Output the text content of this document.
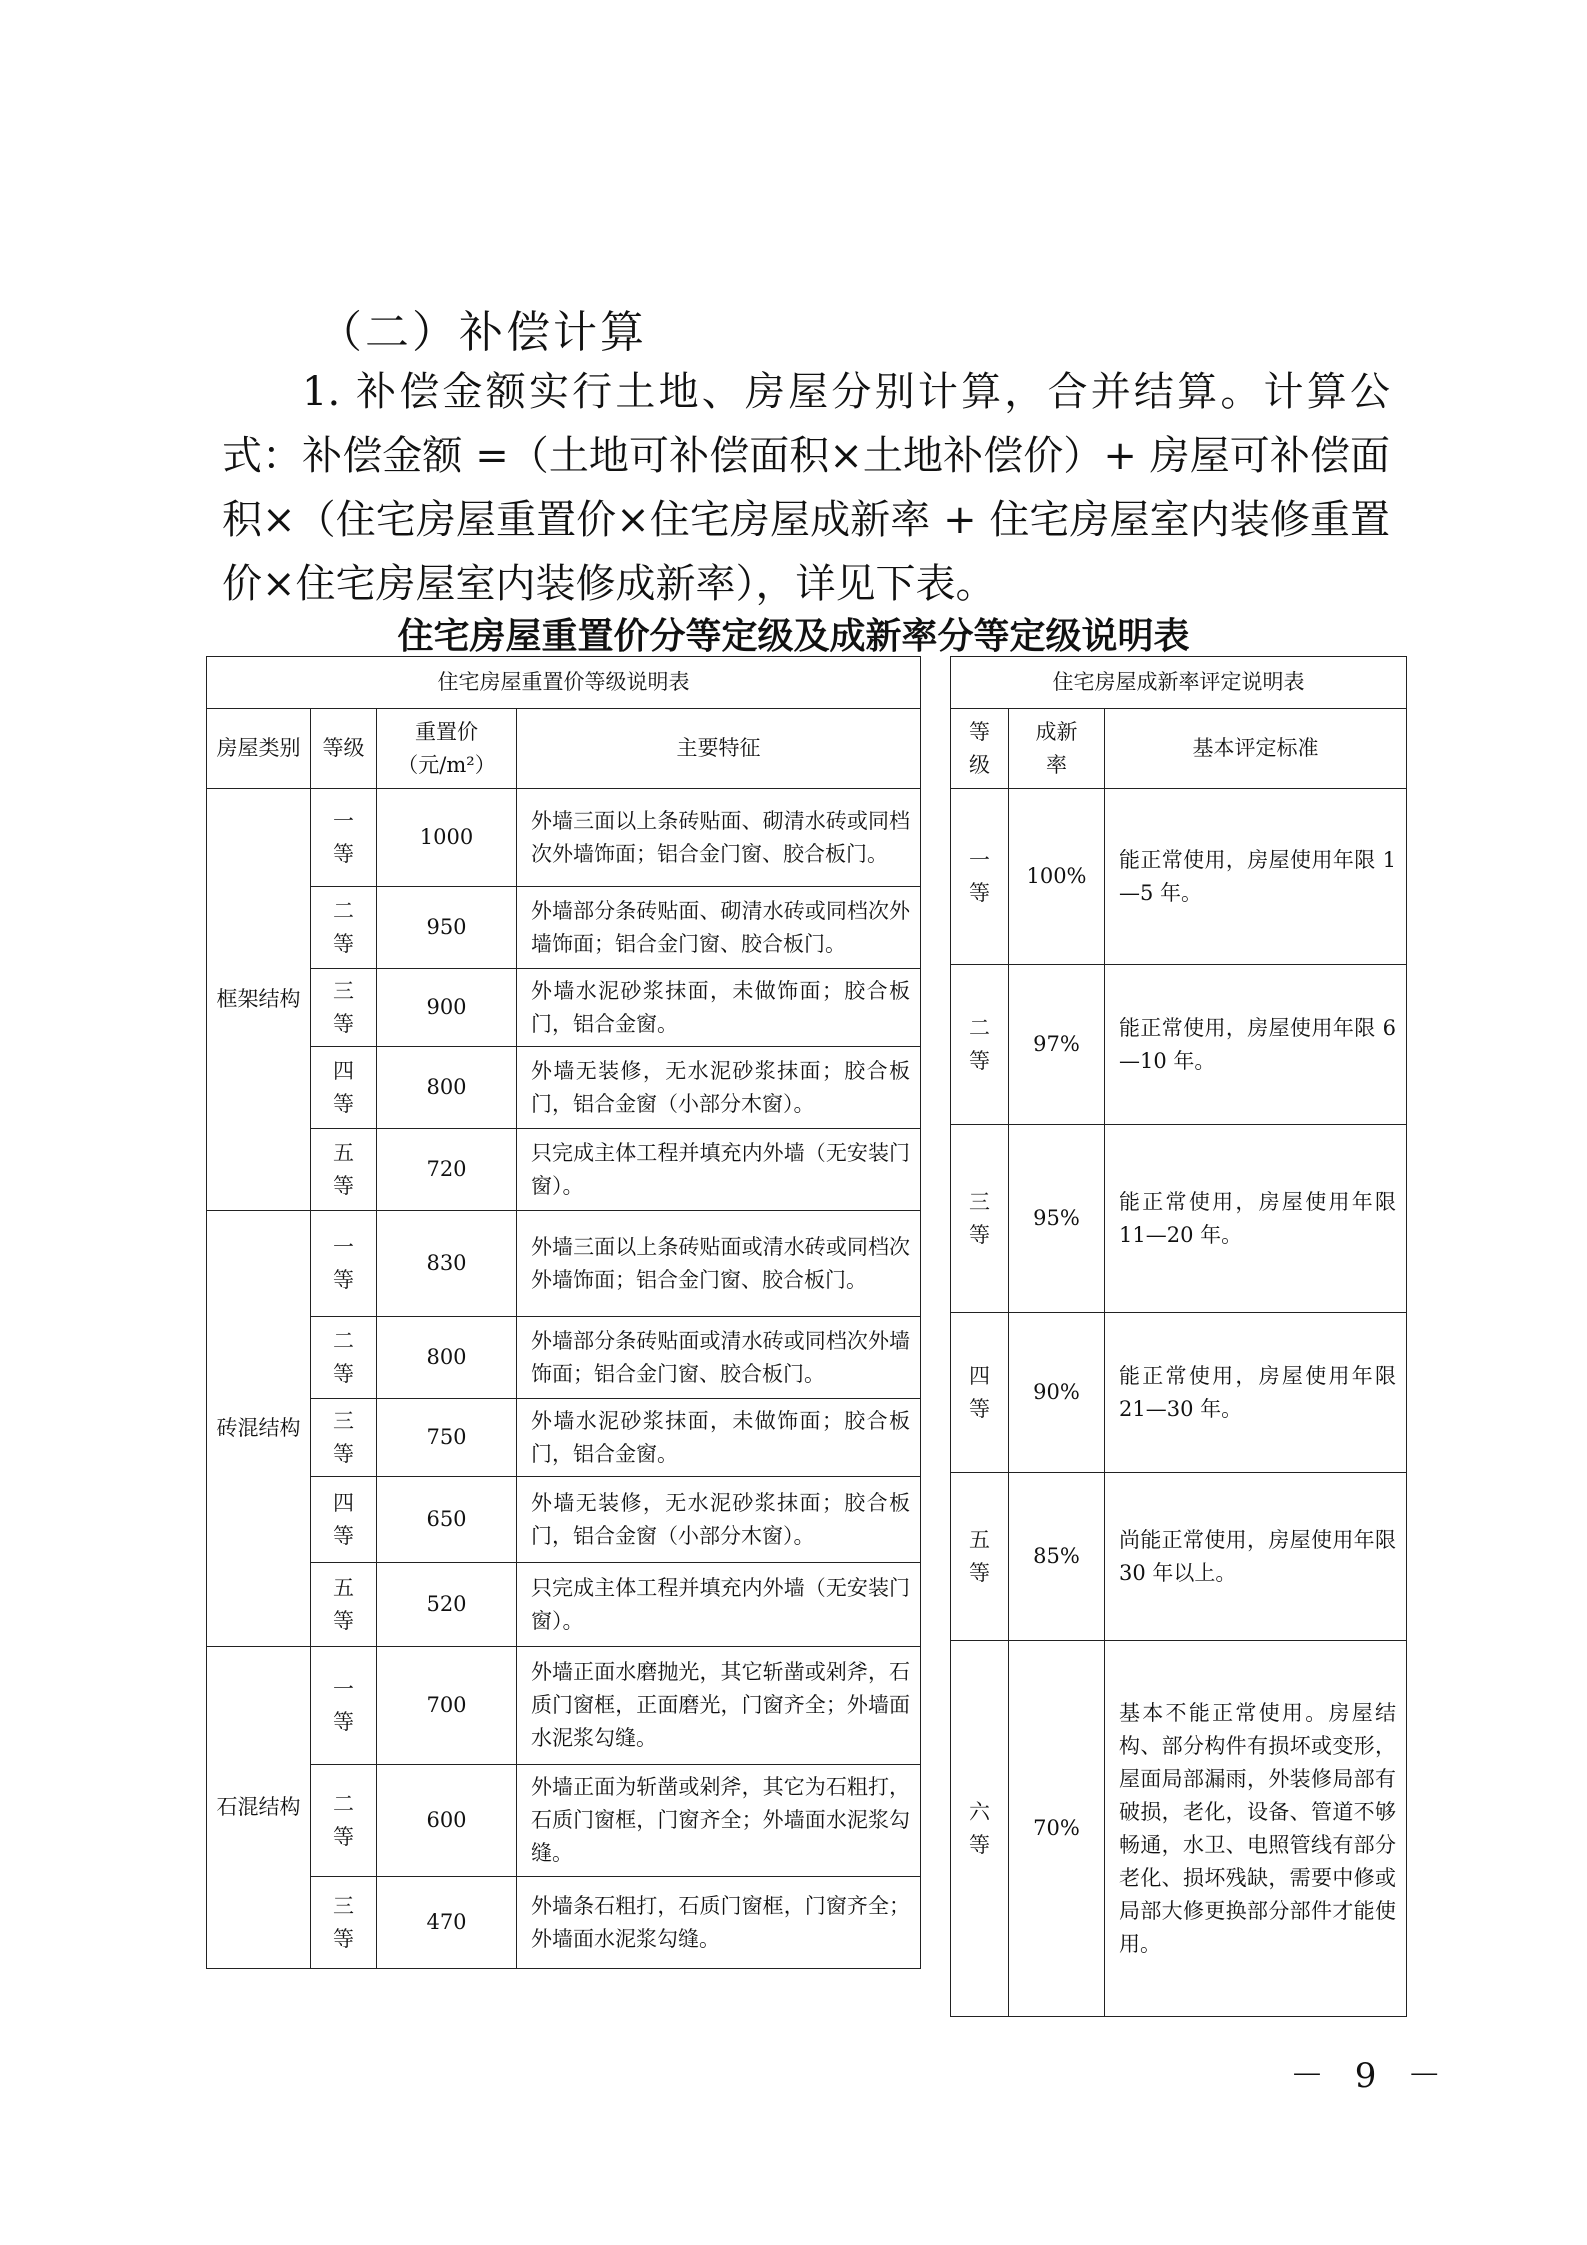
（二）补偿计算

1. 补偿金额实行土地、房屋分别计算，合并结算。计算公式：补偿金额 =（土地可补偿面积×土地补偿价）+ 房屋可补偿面积×（住宅房屋重置价×住宅房屋成新率 + 住宅房屋室内装修重置价×住宅房屋室内装修成新率），详见下表。

住宅房屋重置价分等定级及成新率分等定级说明表
住宅房屋重置价等级说明表			
房屋类别	等级	重置价（元/m²）	主要特征
框架结构	一等	1000	外墙三面以上条砖贴面、砌清水砖或同档次外墙饰面；铝合金门窗、胶合板门。
	二等	950	外墙部分条砖贴面、砌清水砖或同档次外墙饰面；铝合金门窗、胶合板门。
	三等	900	外墙水泥砂浆抹面，未做饰面；胶合板门，铝合金窗。
	四等	800	外墙无装修，无水泥砂浆抹面；胶合板门，铝合金窗（小部分木窗）。
	五等	720	只完成主体工程并填充内外墙（无安装门窗）。
砖混结构	一等	830	外墙三面以上条砖贴面或清水砖或同档次外墙饰面；铝合金门窗、胶合板门。
	二等	800	外墙部分条砖贴面或清水砖或同档次外墙饰面；铝合金门窗、胶合板门。
	三等	750	外墙水泥砂浆抹面，未做饰面；胶合板门，铝合金窗。
	四等	650	外墙无装修，无水泥砂浆抹面；胶合板门，铝合金窗（小部分木窗）。
	五等	520	只完成主体工程并填充内外墙（无安装门窗）。
石混结构	一等	700	外墙正面水磨抛光，其它斩凿或剁斧，石质门窗框，正面磨光，门窗齐全；外墙面水泥浆勾缝。
	二等	600	外墙正面为斩凿或剁斧，其它为石粗打，石质门窗框，门窗齐全；外墙面水泥浆勾缝。
	三等	470	外墙条石粗打，石质门窗框，门窗齐全；外墙面水泥浆勾缝。
住宅房屋成新率评定说明表		
等级	成新率	基本评定标准
一等	100%	能正常使用，房屋使用年限 1—5 年。
二等	97%	能正常使用，房屋使用年限 6—10 年。
三等	95%	能正常使用，房屋使用年限 11—20 年。
四等	90%	能正常使用，房屋使用年限 21—30 年。
五等	85%	尚能正常使用，房屋使用年限 30 年以上。
六等	70%	基本不能正常使用。房屋结构、部分构件有损坏或变形，屋面局部漏雨，外装修局部有破损，老化，设备、管道不够畅通，水卫、电照管线有部分老化、损坏残缺，需要中修或局部大修更换部分部件才能使用。
－ 9 －
